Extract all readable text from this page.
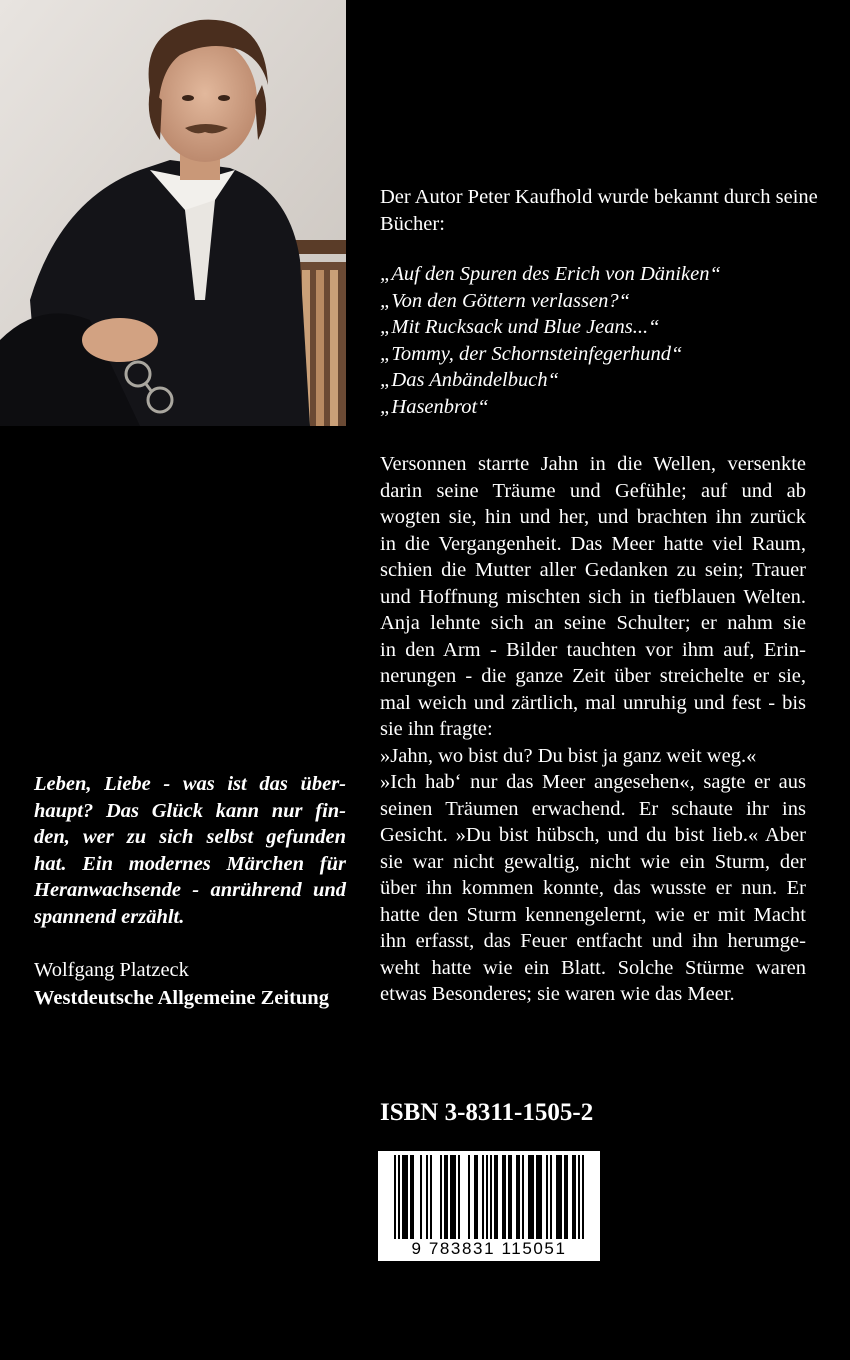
Der Autor Peter Kaufhold wurde bekannt durch seine Bücher:
„Auf den Spuren des Erich von Däniken“
„Von den Göttern verlassen?“
„Mit Rucksack und Blue Jeans...“
„Tommy, der Schornsteinfegerhund“
„Das Anbändelbuch“
„Hasenbrot“
Versonnen starrte Jahn in die Wellen, versenkte
darin seine Träume und Gefühle; auf und ab
wogten sie, hin und her, und brachten ihn zurück
in die Vergangenheit. Das Meer hatte viel Raum,
schien die Mutter aller Gedanken zu sein; Trauer
und Hoffnung mischten sich in tiefblauen Welten.
Anja lehnte sich an seine Schulter; er nahm sie
in den Arm - Bilder tauchten vor ihm auf, Erin-
nerungen - die ganze Zeit über streichelte er sie,
mal weich und zärtlich, mal unruhig und fest - bis
sie ihn fragte:
»Jahn, wo bist du? Du bist ja ganz weit weg.«
»Ich hab‘ nur das Meer angesehen«, sagte er aus
seinen Träumen erwachend. Er schaute ihr ins
Gesicht. »Du bist hübsch, und du bist lieb.« Aber
sie war nicht gewaltig, nicht wie ein Sturm, der
über ihn kommen konnte, das wusste er nun. Er
hatte den Sturm kennengelernt, wie er mit Macht
ihn erfasst, das Feuer entfacht und ihn herumge-
weht hatte wie ein Blatt. Solche Stürme waren
etwas Besonderes; sie waren wie das Meer.
Leben, Liebe - was ist das über-
haupt? Das Glück kann nur fin-
den, wer zu sich selbst gefunden
hat. Ein modernes Märchen für
Heranwachsende - anrührend und
spannend erzählt.
Wolfgang Platzeck
Westdeutsche Allgemeine Zeitung
ISBN 3-8311-1505-2
9 783831 115051
